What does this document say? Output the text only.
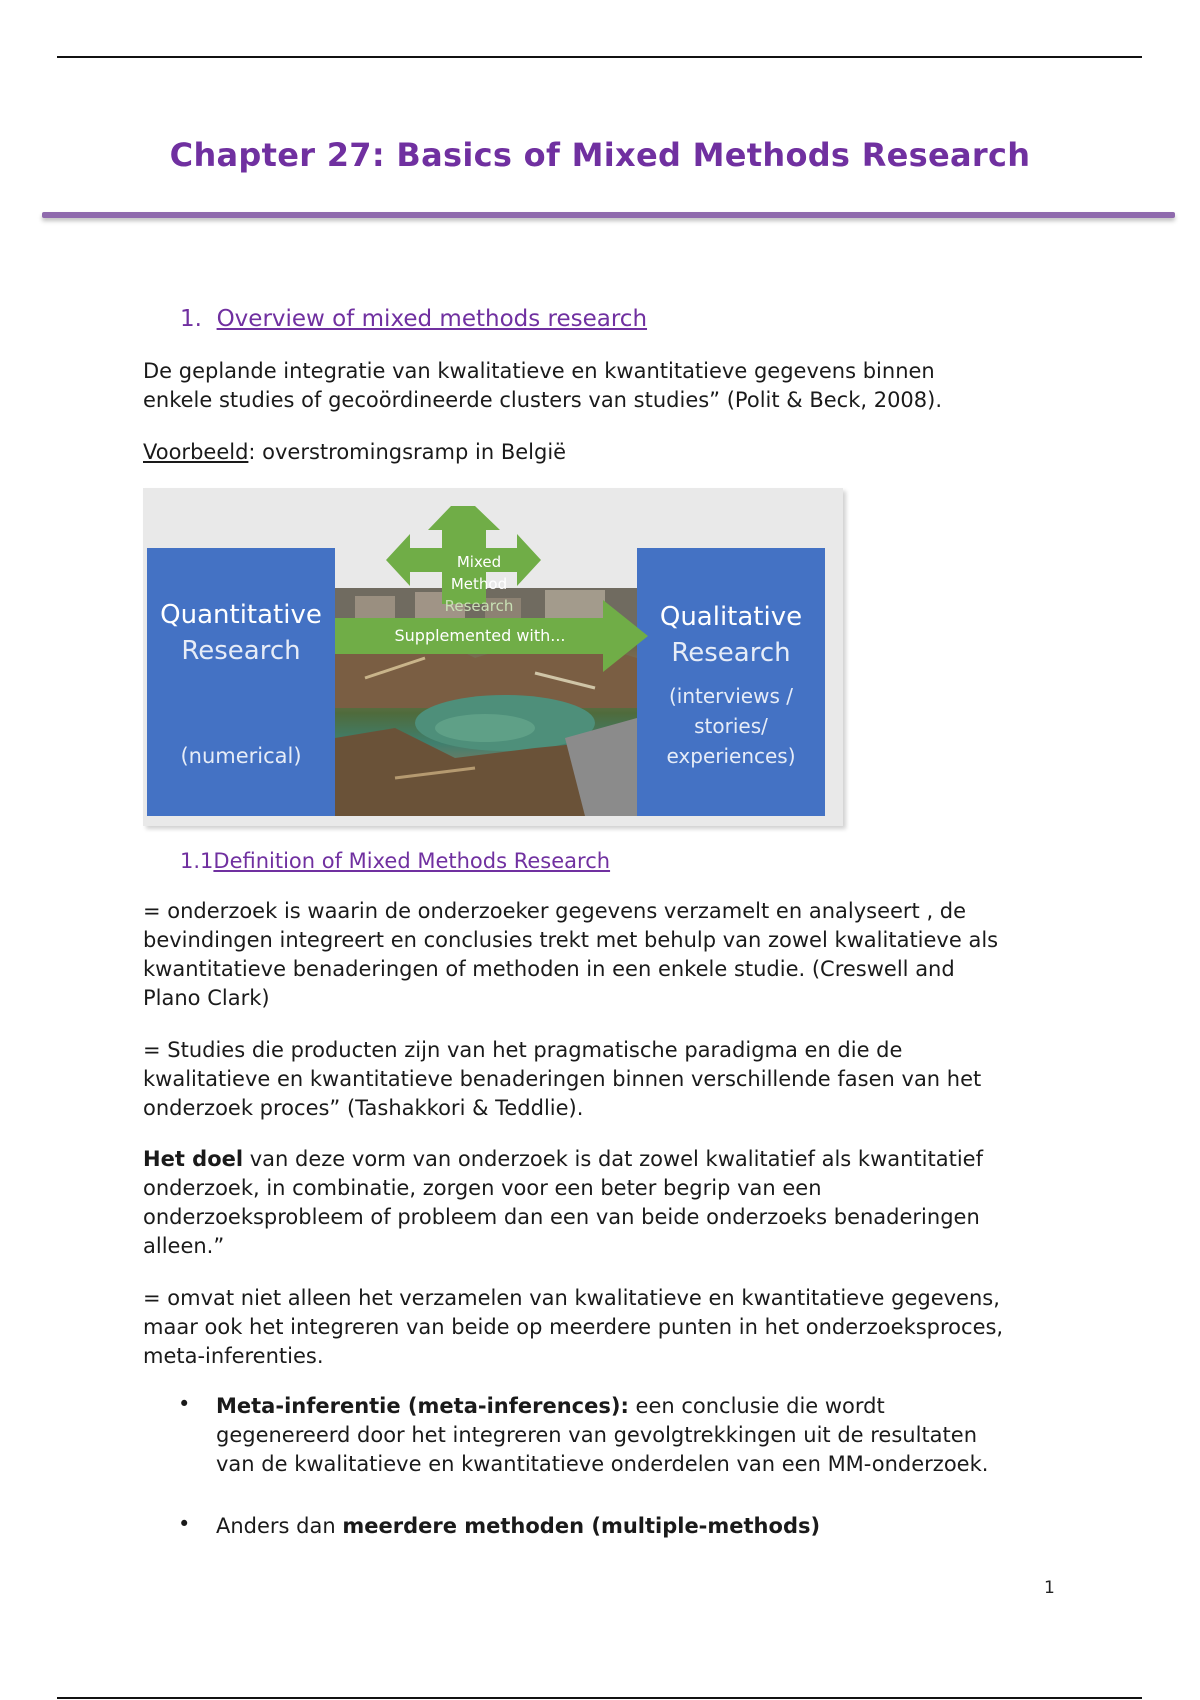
Chapter 27: Basics of Mixed Methods Research
1. Overview of mixed methods research
De geplande integratie van kwalitatieve en kwantitatieve gegevens binnen
enkele studies of gecoördineerde clusters van studies” (Polit & Beck, 2008).
Voorbeeld: overstromingsramp in België
Quantitative
Research
(numerical)
Qualitative
Research
(interviews /
stories/
experiences)
Mixed
Method
Research
Supplemented with...
1.1Definition of Mixed Methods Research
= onderzoek is waarin de onderzoeker gegevens verzamelt en analyseert , de
bevindingen integreert en conclusies trekt met behulp van zowel kwalitatieve als
kwantitatieve benaderingen of methoden in een enkele studie. (Creswell and
Plano Clark)
= Studies die producten zijn van het pragmatische paradigma en die de
kwalitatieve en kwantitatieve benaderingen binnen verschillende fasen van het
onderzoek proces” (Tashakkori & Teddlie).
Het doel van deze vorm van onderzoek is dat zowel kwalitatief als kwantitatief
onderzoek, in combinatie, zorgen voor een beter begrip van een
onderzoeksprobleem of probleem dan een van beide onderzoeks benaderingen
alleen.”
= omvat niet alleen het verzamelen van kwalitatieve en kwantitatieve gegevens,
maar ook het integreren van beide op meerdere punten in het onderzoeksproces,
meta-inferenties.
• Meta-inferentie (meta-inferences): een conclusie die wordt
gegenereerd door het integreren van gevolgtrekkingen uit de resultaten
van de kwalitatieve en kwantitatieve onderdelen van een MM-onderzoek.
• Anders dan meerdere methoden (multiple-methods)
1
